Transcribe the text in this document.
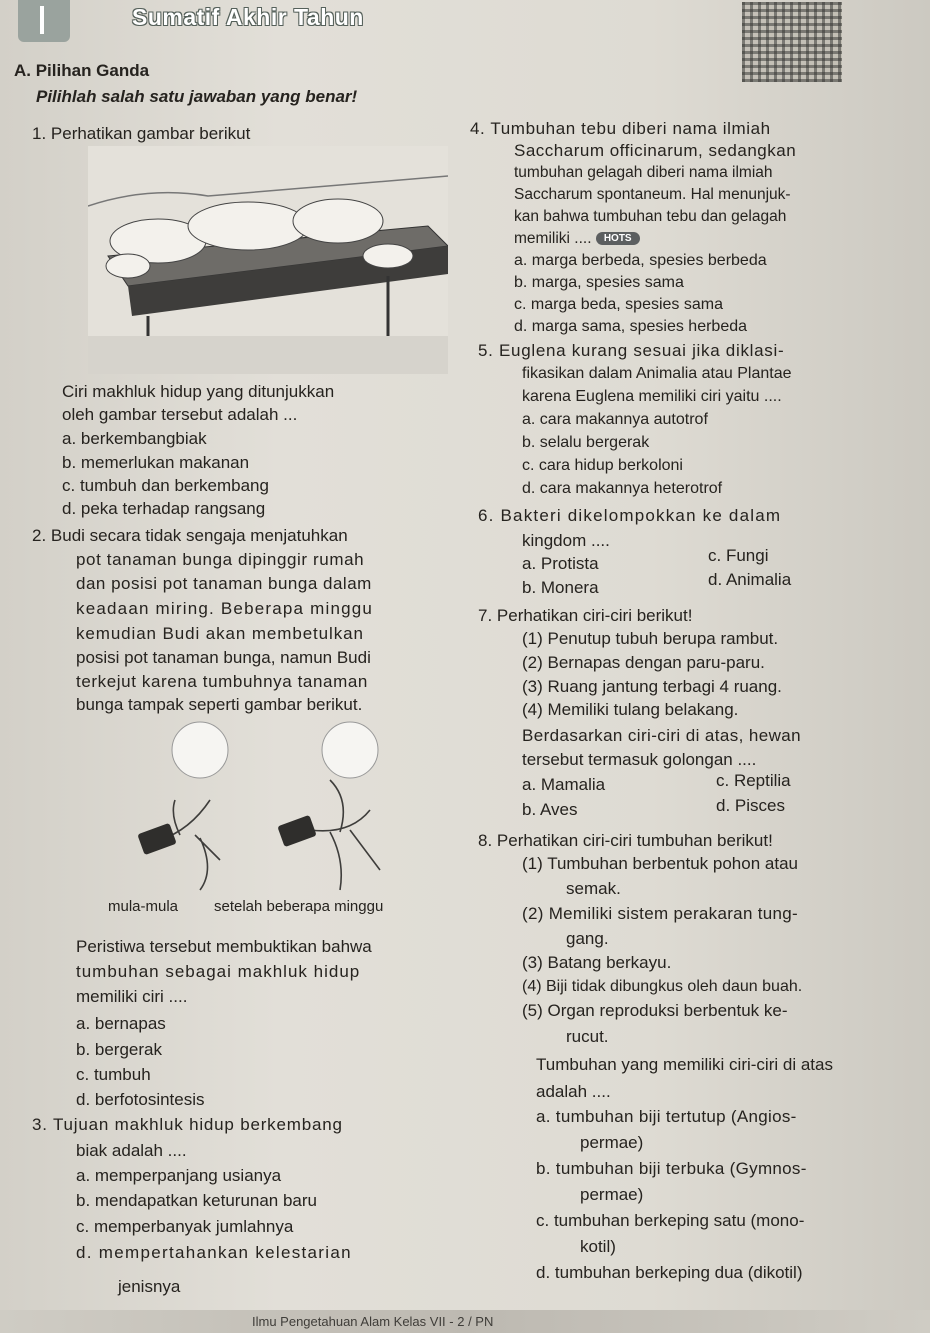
Sumatif Akhir Tahun
A. Pilihan Ganda
Pilihlah salah satu jawaban yang benar!
1. Perhatikan gambar berikut
Ciri makhluk hidup yang ditunjukkan
oleh gambar tersebut adalah ...
a. berkembangbiak
b. memerlukan makanan
c. tumbuh dan berkembang
d. peka terhadap rangsang
2. Budi secara tidak sengaja menjatuhkan
pot tanaman bunga dipinggir rumah
dan posisi pot tanaman bunga dalam
keadaan miring. Beberapa minggu
kemudian Budi akan membetulkan
posisi pot tanaman bunga, namun Budi
terkejut karena tumbuhnya tanaman
bunga tampak seperti gambar berikut.
mula-mula setelah beberapa minggu
Peristiwa tersebut membuktikan bahwa
tumbuhan sebagai makhluk hidup
memiliki ciri ....
a. bernapas
b. bergerak
c. tumbuh
d. berfotosintesis
3. Tujuan makhluk hidup berkembang
biak adalah ....
a. memperpanjang usianya
b. mendapatkan keturunan baru
c. memperbanyak jumlahnya
d. mempertahankan kelestarian
jenisnya
4. Tumbuhan tebu diberi nama ilmiah
Saccharum officinarum, sedangkan
tumbuhan gelagah diberi nama ilmiah
Saccharum spontaneum. Hal menunjuk-
kan bahwa tumbuhan tebu dan gelagah
memiliki .... HOTS
a. marga berbeda, spesies berbeda
b. marga, spesies sama
c. marga beda, spesies sama
d. marga sama, spesies herbeda
5. Euglena kurang sesuai jika diklasi-
fikasikan dalam Animalia atau Plantae
karena Euglena memiliki ciri yaitu ....
a. cara makannya autotrof
b. selalu bergerak
c. cara hidup berkoloni
d. cara makannya heterotrof
6. Bakteri dikelompokkan ke dalam
kingdom ....
a. Protista
b. Monera
c. Fungi
d. Animalia
7. Perhatikan ciri-ciri berikut!
(1) Penutup tubuh berupa rambut.
(2) Bernapas dengan paru-paru.
(3) Ruang jantung terbagi 4 ruang.
(4) Memiliki tulang belakang.
Berdasarkan ciri-ciri di atas, hewan
tersebut termasuk golongan ....
a. Mamalia
b. Aves
c. Reptilia
d. Pisces
8. Perhatikan ciri-ciri tumbuhan berikut!
(1) Tumbuhan berbentuk pohon atau
semak.
(2) Memiliki sistem perakaran tung-
gang.
(3) Batang berkayu.
(4) Biji tidak dibungkus oleh daun buah.
(5) Organ reproduksi berbentuk ke-
rucut.
Tumbuhan yang memiliki ciri-ciri di atas
adalah ....
a. tumbuhan biji tertutup (Angios-
permae)
b. tumbuhan biji terbuka (Gymnos-
permae)
c. tumbuhan berkeping satu (mono-
kotil)
d. tumbuhan berkeping dua (dikotil)
Ilmu Pengetahuan Alam Kelas VII - 2 / PN
